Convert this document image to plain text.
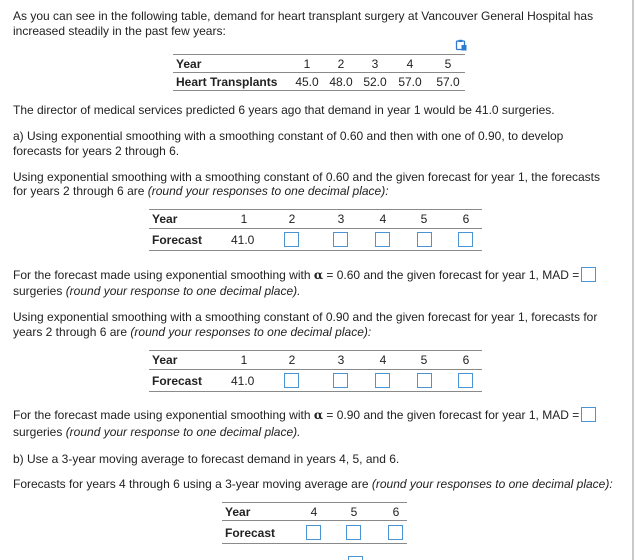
As you can see in the following table, demand for heart transplant surgery at Vancouver General Hospital has
increased steadily in the past few years:
Year	1	2	3	4	5
Heart Transplants	45.0 48.0 52.0 57.0	57.0
The director of medical services predicted 6 years ago that demand in year 1 would be 41.0 surgeries.
a) Using exponential smoothing with a smoothing constant of 0.60 and then with one of 0.90, to develop
forecasts for years 2 through 6.
Using exponential smoothing with a smoothing constant of 0.60 and the given forecast for year 1, the forecasts
for years 2 through 6 are (round your responses to one decimal place):
Year	1	2	3	4	5	6
Forecast 41.0
For the forecast made using exponential smoothing with α = 0.60 and the given forecast for year 1, MAD =
surgeries (round your response to one decimal place).
Using exponential smoothing with a smoothing constant of 0.90 and the given forecast for year 1, forecasts for
years 2 through 6 are (round your responses to one decimal place):
Year	1	2	3	4	5	6
Forecast 41.0
For the forecast made using exponential smoothing with α = 0.90 and the given forecast for year 1, MAD =
surgeries (round your response to one decimal place).
b) Use a 3-year moving average to forecast demand in years 4, 5, and 6.
Forecasts for years 4 through 6 using a 3-year moving average are (round your responses to one decimal place):
Year	4	5	6
Forecast
